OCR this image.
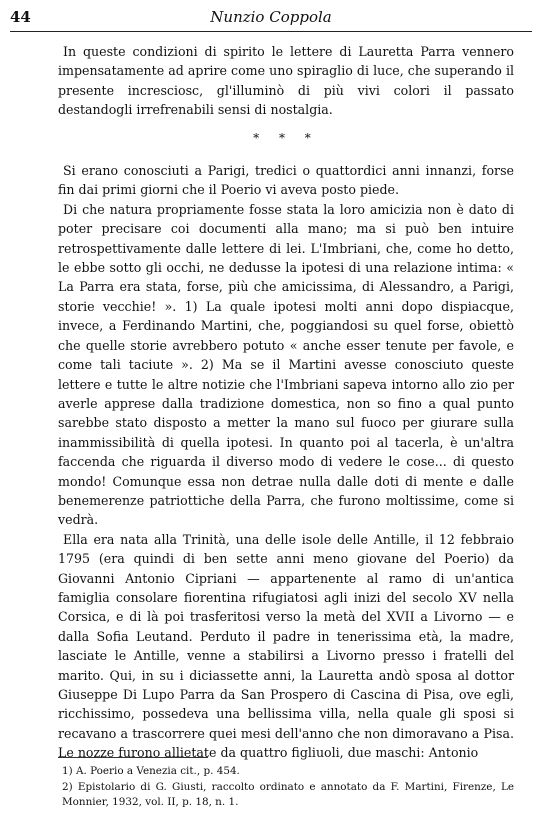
44	Nunzio Coppola

In queste condizioni di spirito le lettere di Lauretta Parra vennero impensatamente ad aprire come uno spiraglio di luce, che superando il presente incresciosc, gl'illuminò di più vivi colori il passato destandogli irrefrenabili sensi di nostalgia.

* * *

Si erano conosciuti a Parigi, tredici o quattordici anni innanzi, forse fin dai primi giorni che il Poerio vi aveva posto piede.

Di che natura propriamente fosse stata la loro amicizia non è dato di poter precisare coi documenti alla mano; ma si può ben intuire retrospettivamente dalle lettere di lei. L'Imbriani, che, come ho detto, le ebbe sotto gli occhi, ne dedusse la ipotesi di una relazione intima: « La Parra era stata, forse, più che amicissima, di Alessandro, a Parigi, storie vecchie! ». 1) La quale ipotesi molti anni dopo dispiacque, invece, a Ferdinando Martini, che, poggiandosi su quel forse, obiettò che quelle storie avrebbero potuto « anche esser tenute per favole, e come tali taciute ». 2) Ma se il Martini avesse conosciuto queste lettere e tutte le altre notizie che l'Imbriani sapeva intorno allo zio per averle apprese dalla tradizione domestica, non so fino a qual punto sarebbe stato disposto a metter la mano sul fuoco per giurare sulla inammissibilità di quella ipotesi. In quanto poi al tacerla, è un'altra faccenda che riguarda il diverso modo di vedere le cose... di questo mondo! Comunque essa non detrae nulla dalle doti di mente e dalle benemerenze patriottiche della Parra, che furono moltissime, come si vedrà.

Ella era nata alla Trinità, una delle isole delle Antille, il 12 febbraio 1795 (era quindi di ben sette anni meno giovane del Poerio) da Giovanni Antonio Cipriani — appartenente al ramo di un'antica famiglia consolare fiorentina rifugiatosi agli inizi del secolo XV nella Corsica, e di là poi trasferitosi verso la metà del XVII a Livorno — e dalla Sofia Leutand. Perduto il padre in tenerissima età, la madre, lasciate le Antille, venne a stabilirsi a Livorno presso i fratelli del marito. Qui, in su i diciassette anni, la Lauretta andò sposa al dottor Giuseppe Di Lupo Parra da San Prospero di Cascina di Pisa, ove egli, ricchissimo, possedeva una bellissima villa, nella quale gli sposi si recavano a trascorrere quei mesi dell'anno che non dimoravano a Pisa. Le nozze furono allietate da quattro figliuoli, due maschi: Antonio

1) A. Poerio a Venezia cit., p. 454.

2) Epistolario di G. Giusti, raccolto ordinato e annotato da F. Martini, Firenze, Le Monnier, 1932, vol. II, p. 18, n. 1.
